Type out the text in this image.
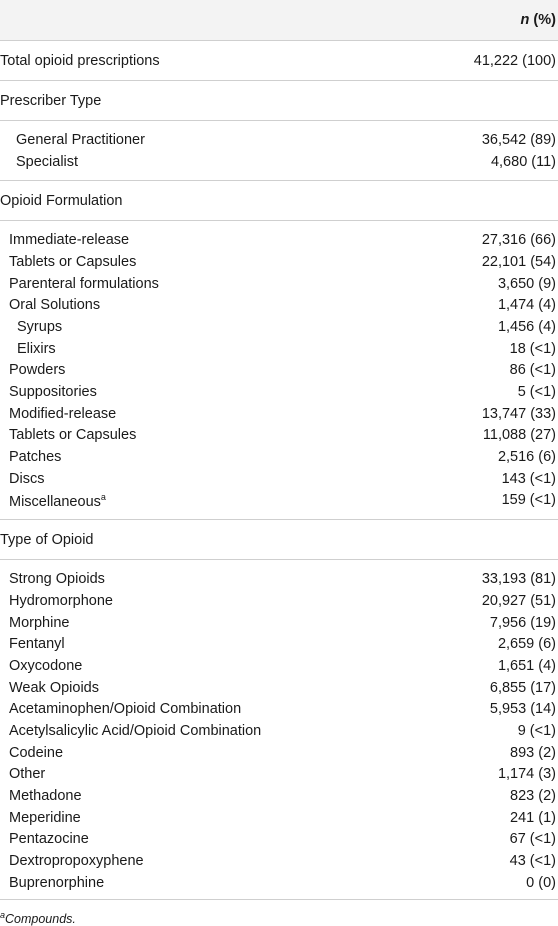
	n (%)
Total opioid prescriptions	41,222 (100)
Prescriber Type	

General Practitioner	36,542 (89)
Specialist	4,680 (11)

Opioid Formulation	

Immediate-release	27,316 (66)
Tablets or Capsules	22,101 (54)
Parenteral formulations	3,650 (9)
Oral Solutions	1,474 (4)
Syrups	1,456 (4)
Elixirs	18 (<1)
Powders	86 (<1)
Suppositories	5 (<1)
Modified-release	13,747 (33)
Tablets or Capsules	11,088 (27)
Patches	2,516 (6)
Discs	143 (<1)
Miscellaneous$^a$	159 (<1)

Type of Opioid	

Strong Opioids	33,193 (81)
Hydromorphone	20,927 (51)
Morphine	7,956 (19)
Fentanyl	2,659 (6)
Oxycodone	1,651 (4)
Weak Opioids	6,855 (17)
Acetaminophen/Opioid Combination	5,953 (14)
Acetylsalicylic Acid/Opioid Combination	9 (<1)
Codeine	893 (2)
Other	1,174 (3)
Methadone	823 (2)
Meperidine	241 (1)
Pentazocine	67 (<1)
Dextropropoxyphene	43 (<1)
Buprenorphine	0 (0)
$^a$Compounds.
